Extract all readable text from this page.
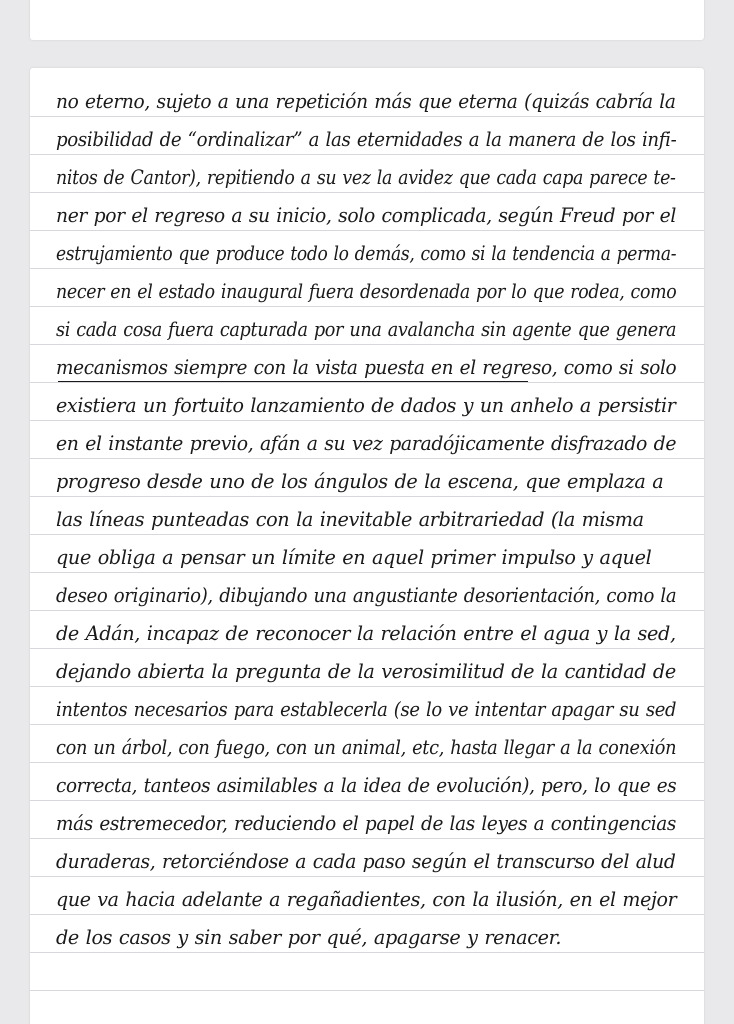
no eterno, sujeto a una repetición más que eterna (quizás cabría la

posibilidad de “ordinalizar” a las eternidades a la manera de los infi-

nitos de Cantor), repitiendo a su vez la avidez que cada capa parece te-

ner por el regreso a su inicio, solo complicada, según Freud por el

estrujamiento que produce todo lo demás, como si la tendencia a perma-

necer en el estado inaugural fuera desordenada por lo que rodea, como

si cada cosa fuera capturada por una avalancha sin agente que genera

mecanismos siempre con la vista puesta en el regreso, como si solo

existiera un fortuito lanzamiento de dados y un anhelo a persistir

en el instante previo, afán a su vez paradójicamente disfrazado de

progreso desde uno de los ángulos de la escena, que emplaza a

las líneas punteadas con la inevitable arbitrariedad (la misma

que obliga a pensar un límite en aquel primer impulso y aquel

deseo originario), dibujando una angustiante desorientación, como la

de Adán, incapaz de reconocer la relación entre el agua y la sed,

dejando abierta la pregunta de la verosimilitud de la cantidad de

intentos necesarios para establecerla (se lo ve intentar apagar su sed

con un árbol, con fuego, con un animal, etc, hasta llegar a la conexión

correcta, tanteos asimilables a la idea de evolución), pero, lo que es

más estremecedor, reduciendo el papel de las leyes a contingencias

duraderas, retorciéndose a cada paso según el transcurso del alud

que va hacia adelante a regañadientes, con la ilusión, en el mejor

de los casos y sin saber por qué, apagarse y renacer.
